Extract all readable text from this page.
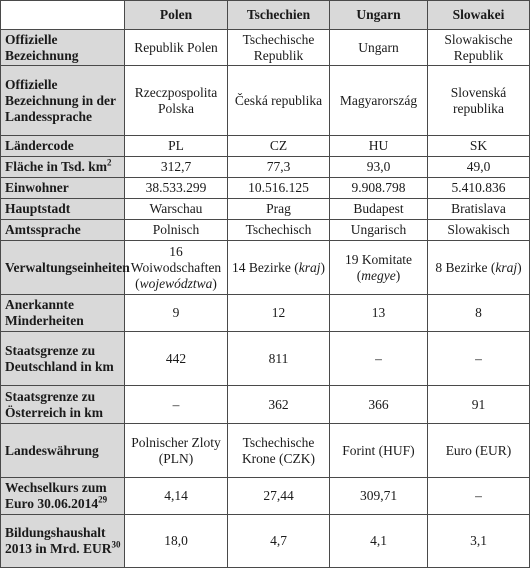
	Polen	Tschechien	Ungarn	Slowakei
Offizielle Bezeichnung	Republik Polen	Tschechische Republik	Ungarn	Slowakische Republik
Offizielle Bezeichnung in der Landessprache	Rzeczpospolita Polska	Česká republika	Magyarország	Slovenská republika
Ländercode	PL	CZ	HU	SK
Fläche in Tsd. $km^2$	312,7	77,3	93,0	49,0
Einwohner	38.533.299	10.516.125	9.908.798	5.410.836
Hauptstadt	Warschau	Prag	Budapest	Bratislava
Amtssprache	Polnisch	Tschechisch	Ungarisch	Slowakisch
Verwaltungseinheiten	16 Woiwodschaften (województwa)	14 Bezirke (kraj)	19 Komitate (megye)	8 Bezirke (kraj)
Anerkannte Minderheiten	9	12	13	8
Staatsgrenze zu Deutschland in km	442	811	–	–
Staatsgrenze zu Österreich in km	–	362	366	91
Landeswährung	Polnischer Zloty (PLN)	Tschechische Krone (CZK)	Forint (HUF)	Euro (EUR)
Wechselkurs zum Euro 30.06.2014$^{29}$	4,14	27,44	309,71	–
Bildungshaushalt 2013 in Mrd. EUR$^{30}$	18,0	4,7	4,1	3,1
